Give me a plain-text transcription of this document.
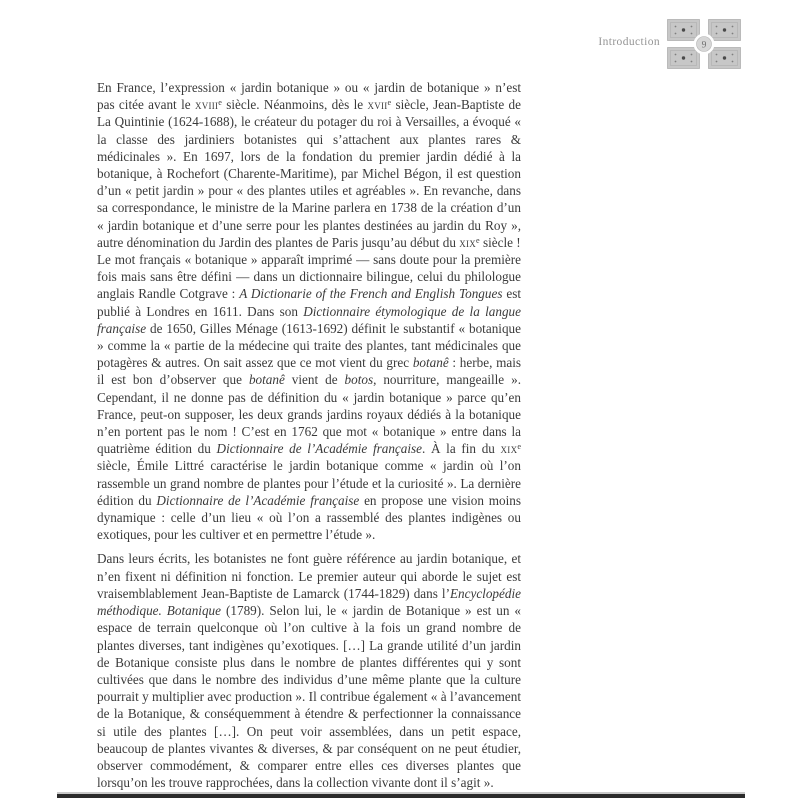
Introduction	9

En France, l’expression « jardin botanique » ou « jardin de botanique » n’est pas citée avant le xviii$^e$ siècle. Néanmoins, dès le xvii$^e$ siècle, Jean-Baptiste de La Quintinie (1624-1688), le créateur du potager du roi à Versailles, a évoqué « la classe des jardiniers botanistes qui s’attachent aux plantes rares & médicinales ». En 1697, lors de la fondation du premier jardin dédié à la botanique, à Rochefort (Charente-Maritime), par Michel Bégon, il est question d’un « petit jardin » pour « des plantes utiles et agréables ». En revanche, dans sa correspondance, le ministre de la Marine parlera en 1738 de la création d’un « jardin botanique et d’une serre pour les plantes destinées au jardin du Roy », autre dénomination du Jardin des plantes de Paris jusqu’au début du xix$^e$ siècle !

Le mot français « botanique » apparaît imprimé — sans doute pour la première fois mais sans être défini — dans un dictionnaire bilingue, celui du philologue anglais Randle Cotgrave : A Dictionarie of the French and English Tongues est publié à Londres en 1611. Dans son Dictionnaire étymologique de la langue française de 1650, Gilles Ménage (1613-1692) définit le substantif « botanique » comme la « partie de la médecine qui traite des plantes, tant médicinales que potagères & autres. On sait assez que ce mot vient du grec botanê : herbe, mais il est bon d’observer que botanê vient de botos, nourriture, mangeaille ». Cependant, il ne donne pas de définition du « jardin botanique » parce qu’en France, peut-on supposer, les deux grands jardins royaux dédiés à la botanique n’en portent pas le nom ! C’est en 1762 que mot « botanique » entre dans la quatrième édition du Dictionnaire de l’Académie française. À la fin du xix$^e$ siècle, Émile Littré caractérise le jardin botanique comme « jardin où l’on rassemble un grand nombre de plantes pour l’étude et la curiosité ». La dernière édition du Dictionnaire de l’Académie française en propose une vision moins dynamique : celle d’un lieu « où l’on a rassemblé des plantes indigènes ou exotiques, pour les cultiver et en permettre l’étude ».

Dans leurs écrits, les botanistes ne font guère référence au jardin botanique, et n’en fixent ni définition ni fonction. Le premier auteur qui aborde le sujet est vraisemblablement Jean-Baptiste de Lamarck (1744-1829) dans l’Encyclopédie méthodique. Botanique (1789). Selon lui, le « jardin de Botanique » est un « espace de terrain quelconque où l’on cultive à la fois un grand nombre de plantes diverses, tant indigènes qu’exotiques. […] La grande utilité d’un jardin de Botanique consiste plus dans le nombre de plantes différentes qui y sont cultivées que dans le nombre des individus d’une même plante que la culture pourrait y multiplier avec production ». Il contribue également « à l’avancement de la Botanique, & conséquemment à étendre & perfectionner la connaissance si utile des plantes […]. On peut voir assemblées, dans un petit espace, beaucoup de plantes vivantes & diverses, & par conséquent on ne peut étudier, observer commodément, & comparer entre elles ces diverses plantes que lorsqu’on les trouve rapprochées, dans la collection vivante dont il s’agit ».
